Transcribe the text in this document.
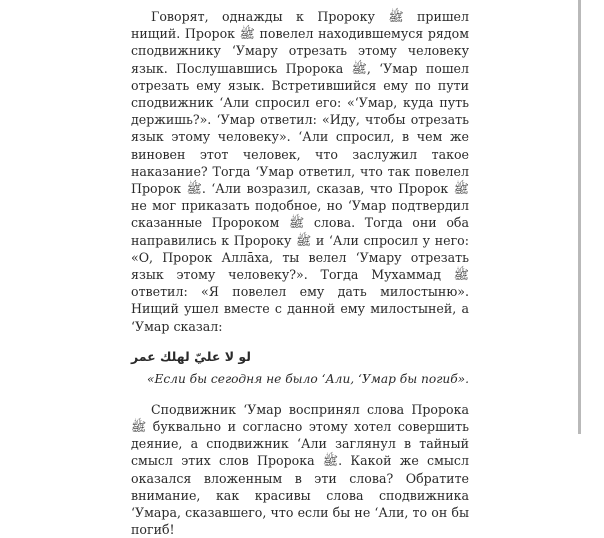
Говорят, однажды к Пророку ﷺ пришел нищий. Пророк ﷺ повелел находившемуся рядом сподвижнику ‘Умару отрезать этому человеку язык. Послушавшись Пророка ﷺ, ‘Умар пошел отрезать ему язык. Встретившийся ему по пути сподвижник ‘Али спросил его: «‘Умар, куда путь держишь?». ‘Умар ответил: «Иду, чтобы отрезать язык этому человеку». ‘Али спросил, в чем же виновен этот человек, что заслужил такое наказание? Тогда ‘Умар ответил, что так повелел Пророк ﷺ. ‘Али возразил, сказав, что Пророк ﷺ не мог приказать подобное, но ‘Умар подтвердил сказанные Пророком ﷺ слова. Тогда они оба направились к Пророку ﷺ и ‘Али спросил у него: «О, Пророк Аллāха, ты велел ‘Умару отрезать язык этому человеку?». Тогда Мухаммад ﷺ ответил: «Я повелел ему дать милостыню». Нищий ушел вместе с данной ему милостыней, а ‘Умар сказал:

لو لا عليّ لهلك عمر

«Если бы сегодня не было ‘Али, ‘Умар бы погиб».

Сподвижник ‘Умар воспринял слова Пророка ﷺ буквально и согласно этому хотел совершить деяние, а сподвижник ‘Али заглянул в тайный смысл этих слов Пророка ﷺ. Какой же смысл оказался вложенным в эти слова? Обратите внимание, как красивы слова сподвижника ‘Умара, сказавшего, что если бы не ‘Али, то он бы погиб!
